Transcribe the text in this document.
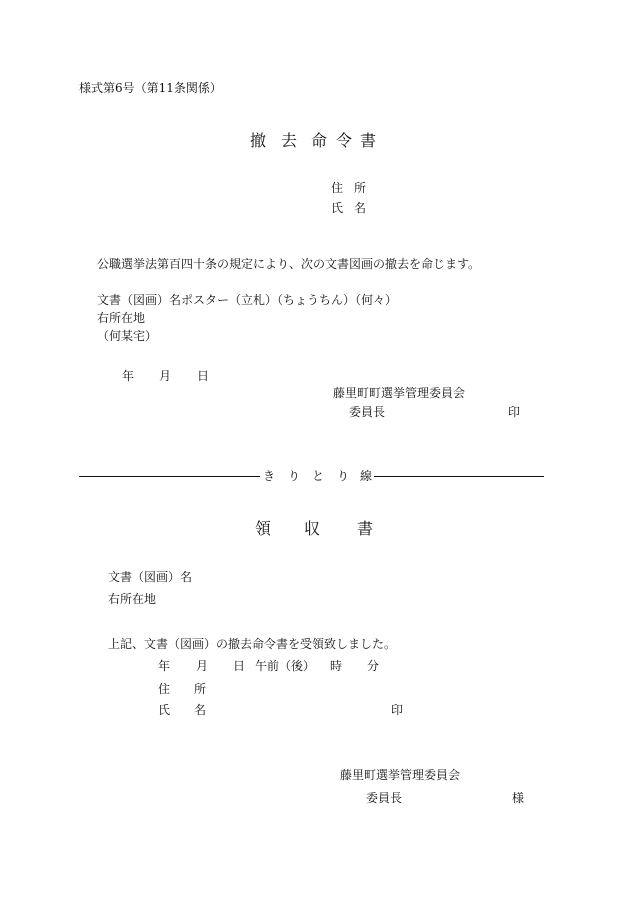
様式第6号（第11条関係）
撤 去 命 令 書
住 所
氏 名
公職選挙法第百四十条の規定により、次の文書図画の撤去を命じます。
文書（図画）名ポスター（立札）（ちょうちん）（何々）
右所在地
（何某宅）
年 月 日
藤里町町選挙管理委員会
委員長	印
き り と り 線
領 収 書
文書（図画）名
右所在地
上記、文書（図画）の撤去命令書を受領致しました。
年 月 日 午前（後） 時 分
住 所
氏 名	印
藤里町選挙管理委員会
委員長	様
